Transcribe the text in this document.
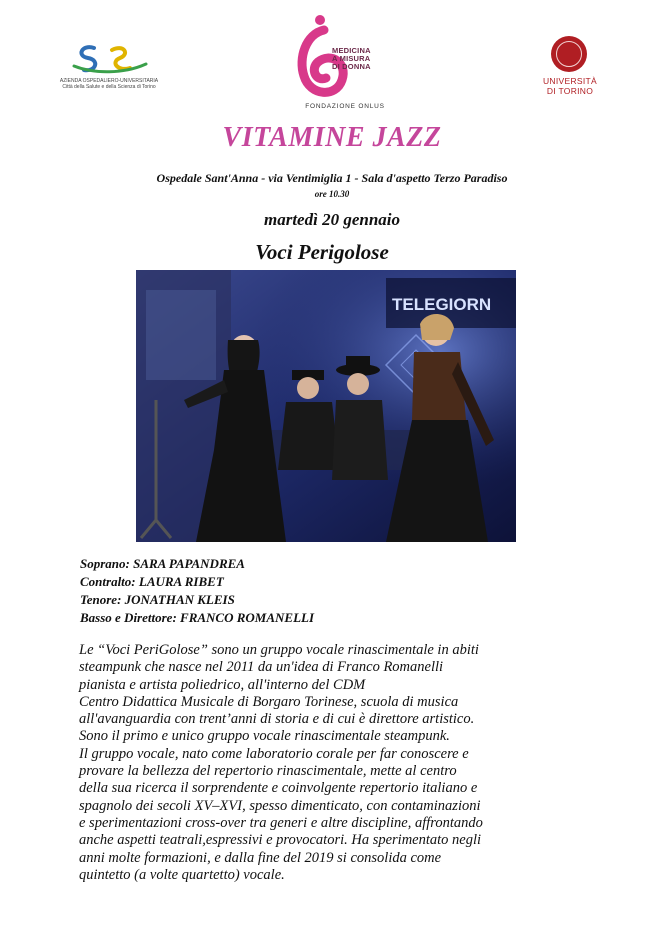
AZIENDA OSPEDALIERO-UNIVERSITARIA
Città della Salute e della Scienza di Torino
MEDICINA
A MISURA
DI DONNA
FONDAZIONE ONLUS
UNIVERSITÀ
DI TORINO
VITAMINE JAZZ
Ospedale Sant'Anna - via Ventimiglia 1 - Sala d'aspetto Terzo Paradiso
ore 10.30
martedì 20 gennaio
Voci Perigolose
TELEGIORN
Soprano: SARA PAPANDREA
Contralto: LAURA RIBET
Tenore: JONATHAN KLEIS
Basso e Direttore: FRANCO ROMANELLI

Le “Voci PeriGolose” sono un gruppo vocale rinascimentale in abiti

steampunk che nasce nel 2011 da un'idea di Franco Romanelli

pianista e artista poliedrico, all'interno del CDM

Centro Didattica Musicale di Borgaro Torinese, scuola di musica

all'avanguardia con trent’anni di storia e di cui è direttore artistico.

Sono il primo e unico gruppo vocale rinascimentale steampunk.

Il gruppo vocale, nato come laboratorio corale per far conoscere e

provare la bellezza del repertorio rinascimentale, mette al centro

della sua ricerca il sorprendente e coinvolgente repertorio italiano e

spagnolo dei secoli XV–XVI, spesso dimenticato, con contaminazioni

e sperimentazioni cross-over tra generi e altre discipline, affrontando

anche aspetti teatrali,espressivi e provocatori. Ha sperimentato negli

anni molte formazioni, e dalla fine del 2019 si consolida come

quintetto (a volte quartetto) vocale.
